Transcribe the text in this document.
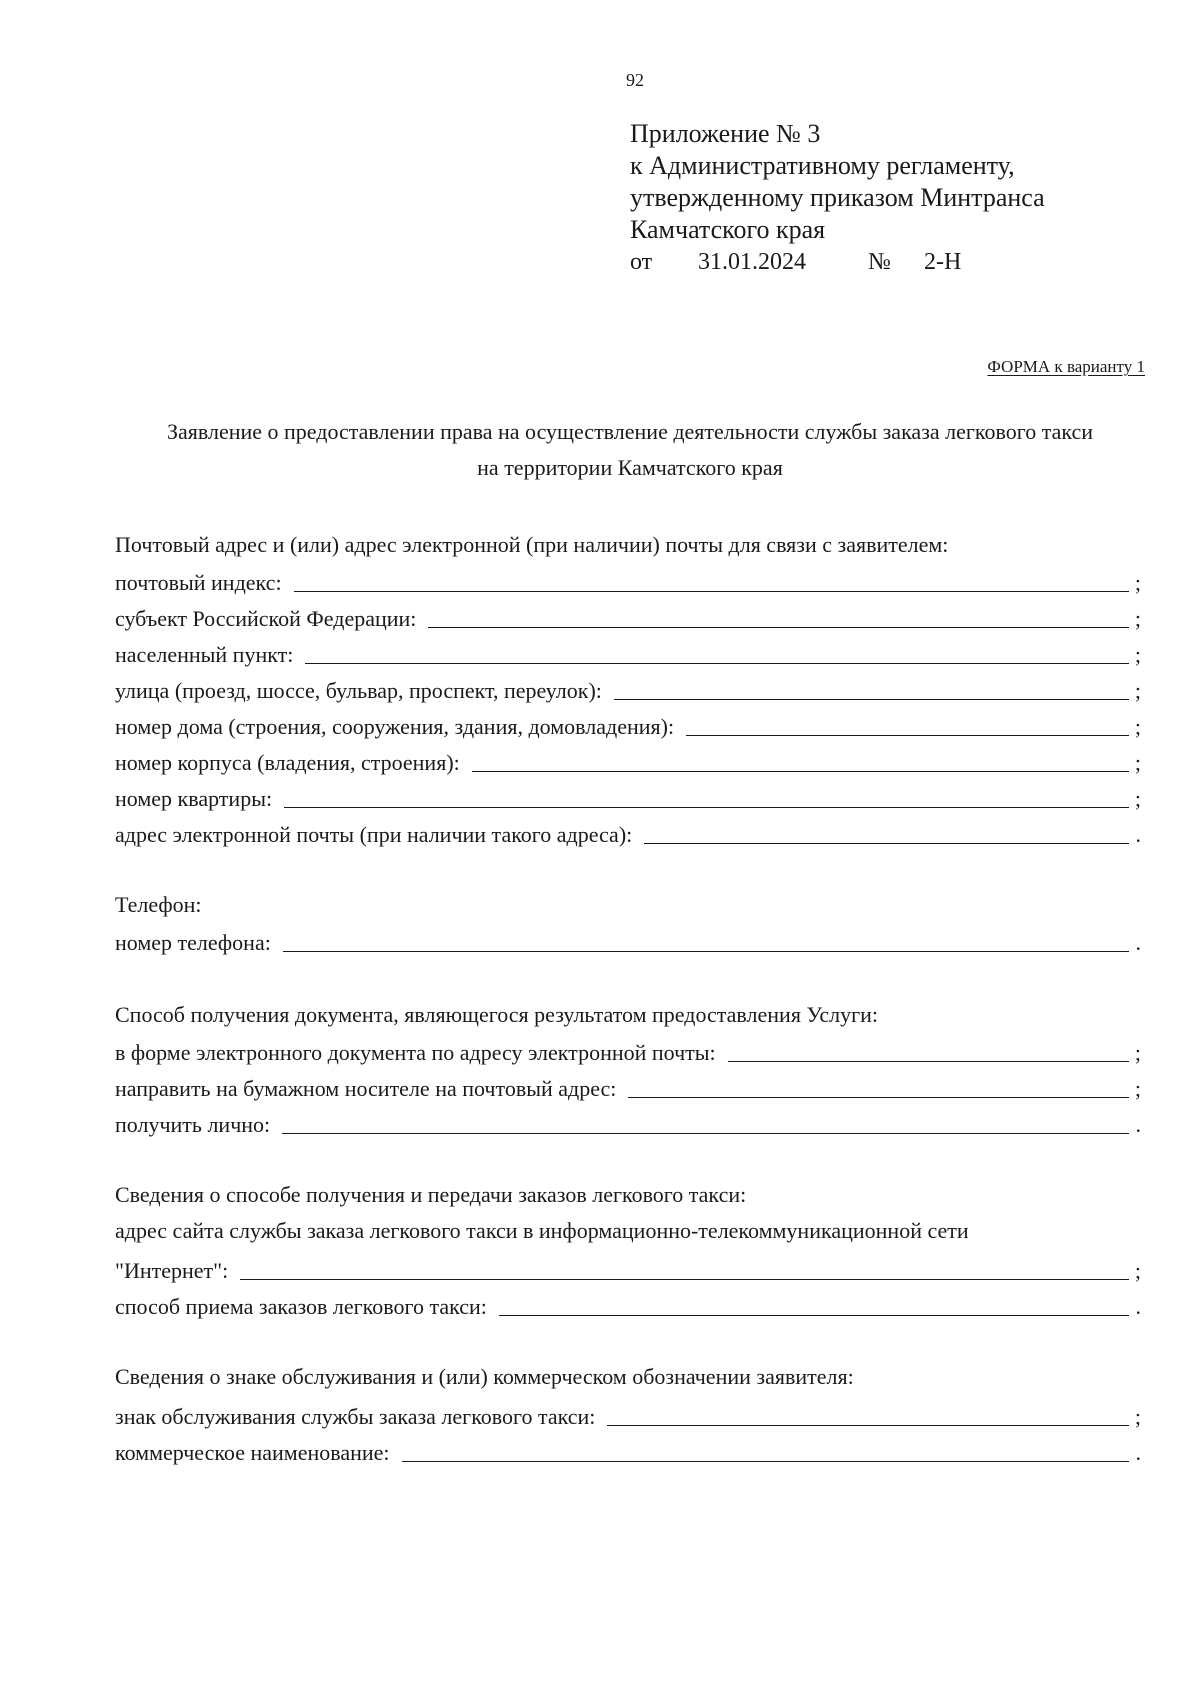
92
Приложение № 3
к Административному регламенту,
утвержденному приказом Минтранса
Камчатского края
от	31.01.2024	№	2-Н
ФОРМА к варианту 1
Заявление о предоставлении права на осуществление деятельности службы заказа легкового такси
на территории Камчатского края
Почтовый адрес и (или) адрес электронной (при наличии) почты для связи с заявителем:
почтовый индекс:	;
субъект Российской Федерации:	;
населенный пункт:	;
улица (проезд, шоссе, бульвар, проспект, переулок):	;
номер дома (строения, сооружения, здания, домовладения):	;
номер корпуса (владения, строения):	;
номер квартиры:	;
адрес электронной почты (при наличии такого адреса):	.
Телефон:
номер телефона:	.
Способ получения документа, являющегося результатом предоставления Услуги:
в форме электронного документа по адресу электронной почты:	;
направить на бумажном носителе на почтовый адрес:	;
получить лично:	.
Сведения о способе получения и передачи заказов легкового такси:
адрес сайта службы заказа легкового такси в информационно-телекоммуникационной сети
"Интернет":	;
способ приема заказов легкового такси:	.
Сведения о знаке обслуживания и (или) коммерческом обозначении заявителя:
знак обслуживания службы заказа легкового такси:	;
коммерческое наименование:	.
